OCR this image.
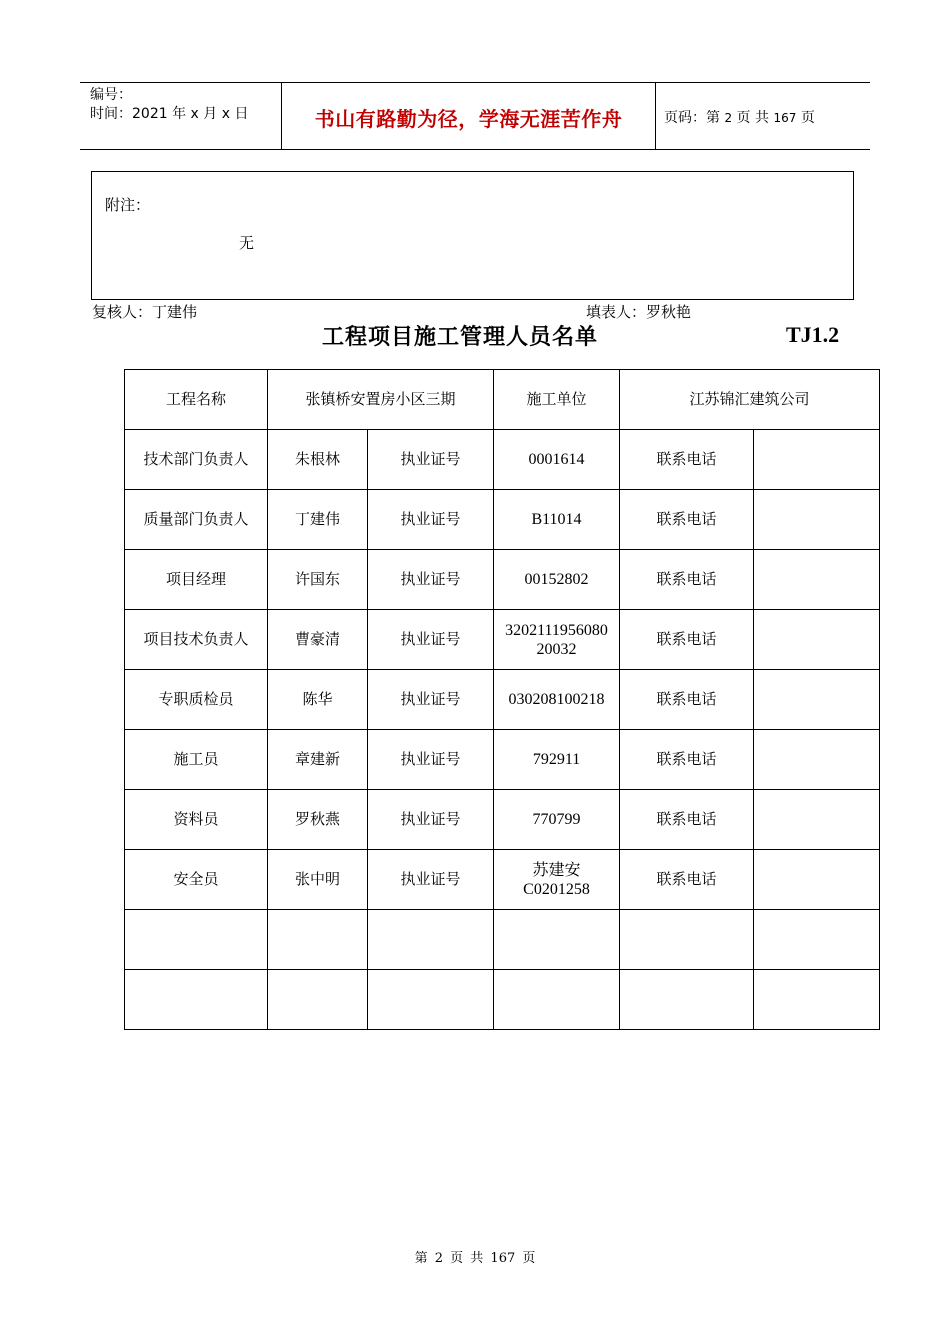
编号：
时间：2021 年 x 月 x 日	书山有路勤为径，学海无涯苦作舟	页码：第 2 页 共 167 页
附注：
无
复核人：丁建伟	填表人：罗秋艳
工程项目施工管理人员名单	TJ1.2
工程名称	张镇桥安置房小区三期		施工单位	江苏锦汇建筑公司	
技术部门负责人	朱根林	执业证号	0001614	联系电话	
质量部门负责人	丁建伟	执业证号	B11014	联系电话	
项目经理	许国东	执业证号	00152802	联系电话	
项目技术负责人	曹豪清	执业证号	3202111956080
20032	联系电话	
专职质检员	陈华	执业证号	030208100218	联系电话	
施工员	章建新	执业证号	792911	联系电话	
资料员	罗秋燕	执业证号	770799	联系电话	
安全员	张中明	执业证号	苏建安
C0201258	联系电话	

第 2 页 共 167 页
